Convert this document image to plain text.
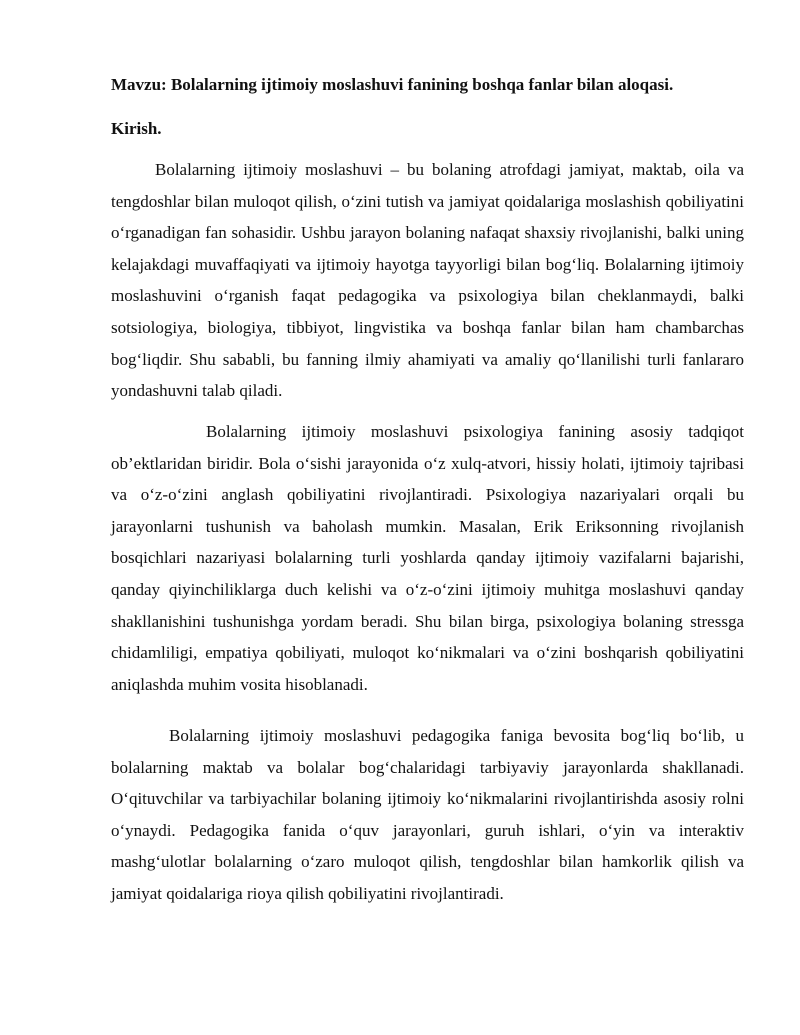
Mavzu: Bolalarning ijtimoiy moslashuvi fanining boshqa fanlar bilan aloqasi.

Kirish.

Bolalarning ijtimoiy moslashuvi – bu bolaning atrofdagi jamiyat, maktab, oila va tengdoshlar bilan muloqot qilish, o‘zini tutish va jamiyat qoidalariga moslashish qobiliyatini o‘rganadigan fan sohasidir. Ushbu jarayon bolaning nafaqat shaxsiy rivojlanishi, balki uning kelajakdagi muvaffaqiyati va ijtimoiy hayotga tayyorligi bilan bog‘liq. Bolalarning ijtimoiy moslashuvini o‘rganish faqat pedagogika va psixologiya bilan cheklanmaydi, balki sotsiologiya, biologiya, tibbiyot, lingvistika va boshqa fanlar bilan ham chambarchas bog‘liqdir. Shu sababli, bu fanning ilmiy ahamiyati va amaliy qo‘llanilishi turli fanlararo yondashuvni talab qiladi.

Bolalarning ijtimoiy moslashuvi psixologiya fanining asosiy tadqiqot ob’ektlaridan biridir. Bola o‘sishi jarayonida o‘z xulq-atvori, hissiy holati, ijtimoiy tajribasi va o‘z-o‘zini anglash qobiliyatini rivojlantiradi. Psixologiya nazariyalari orqali bu jarayonlarni tushunish va baholash mumkin. Masalan, Erik Eriksonning rivojlanish bosqichlari nazariyasi bolalarning turli yoshlarda qanday ijtimoiy vazifalarni bajarishi, qanday qiyinchiliklarga duch kelishi va o‘z-o‘zini ijtimoiy muhitga moslashuvi qanday shakllanishini tushunishga yordam beradi. Shu bilan birga, psixologiya bolaning stressga chidamliligi, empatiya qobiliyati, muloqot ko‘nikmalari va o‘zini boshqarish qobiliyatini aniqlashda muhim vosita hisoblanadi.

Bolalarning ijtimoiy moslashuvi pedagogika faniga bevosita bog‘liq bo‘lib, u bolalarning maktab va bolalar bog‘chalaridagi tarbiyaviy jarayonlarda shakllanadi. O‘qituvchilar va tarbiyachilar bolaning ijtimoiy ko‘nikmalarini rivojlantirishda asosiy rolni o‘ynaydi. Pedagogika fanida o‘quv jarayonlari, guruh ishlari, o‘yin va interaktiv mashg‘ulotlar bolalarning o‘zaro muloqot qilish, tengdoshlar bilan hamkorlik qilish va jamiyat qoidalariga rioya qilish qobiliyatini rivojlantiradi.
